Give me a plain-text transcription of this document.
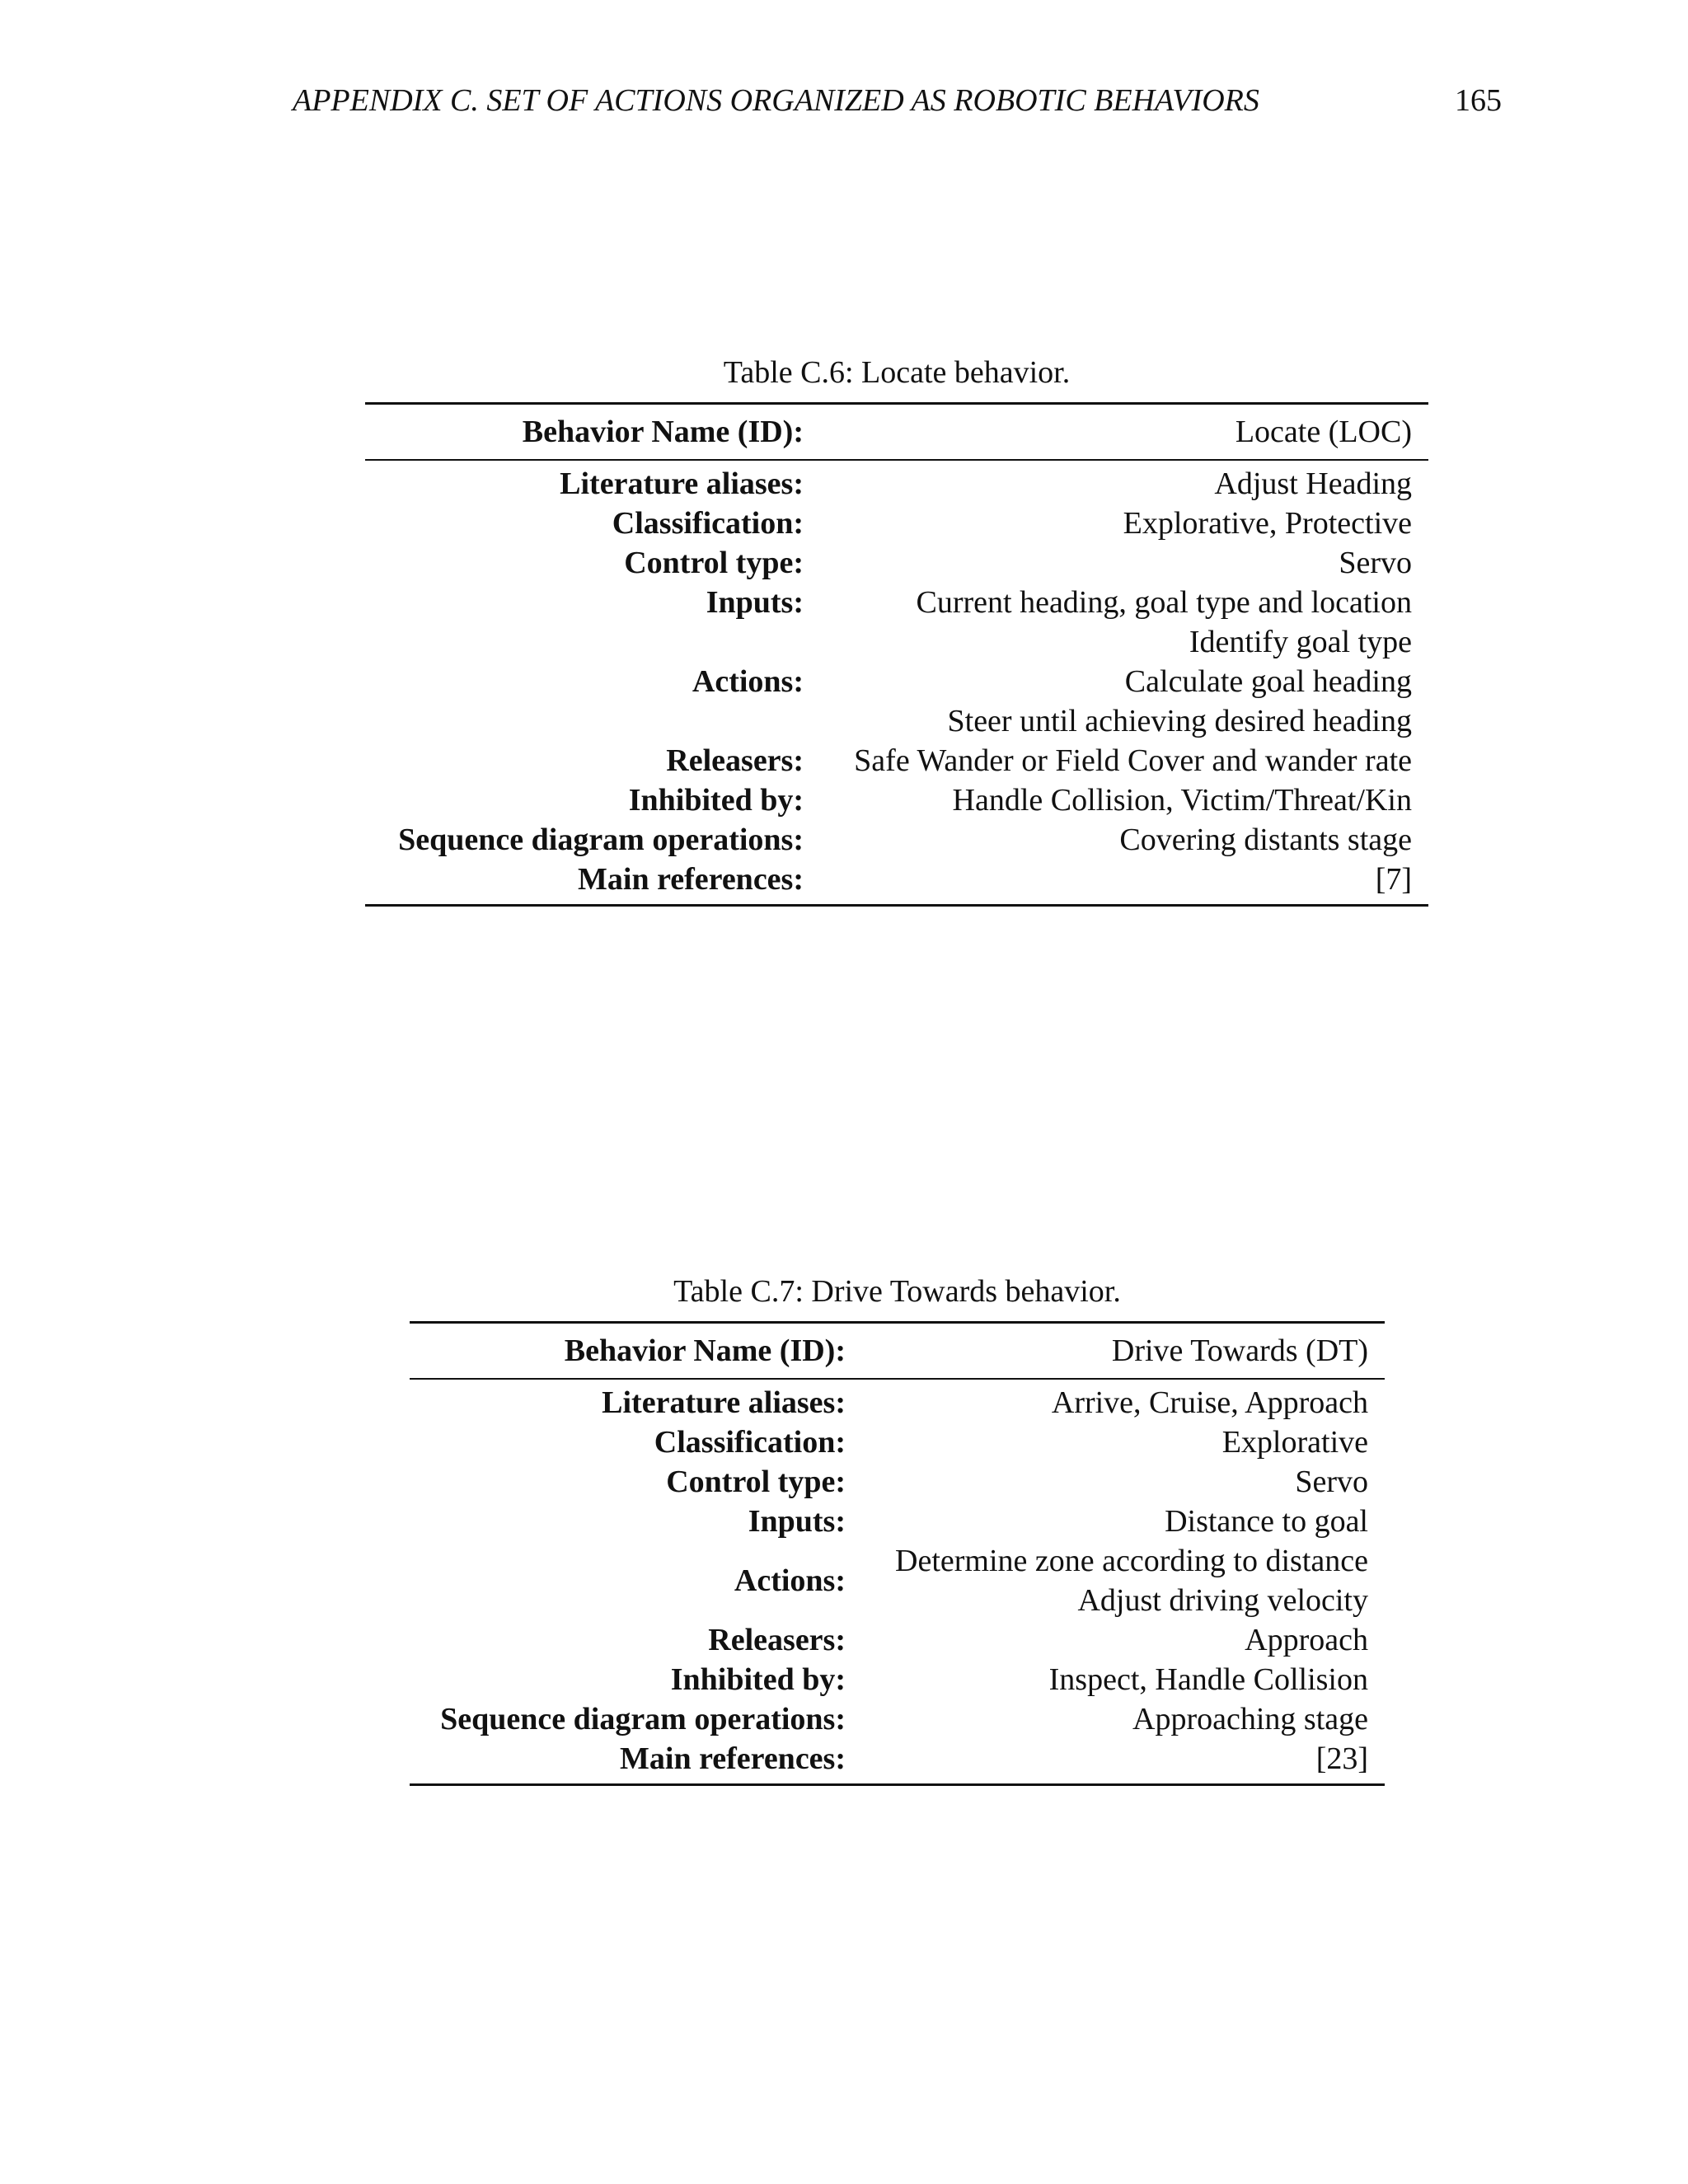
APPENDIX C. SET OF ACTIONS ORGANIZED AS ROBOTIC BEHAVIORS	165
Table C.6: Locate behavior.
Behavior Name (ID):	Locate (LOC)
Literature aliases:	Adjust Heading
Classification:	Explorative, Protective
Control type:	Servo
Inputs:	Current heading, goal type and location
Identify goal type
Actions:	Calculate goal heading
Steer until achieving desired heading
Releasers:	Safe Wander or Field Cover and wander rate
Inhibited by:	Handle Collision, Victim/Threat/Kin
Sequence diagram operations:	Covering distants stage
Main references:	[7]
Table C.7: Drive Towards behavior.
Behavior Name (ID):	Drive Towards (DT)
Literature aliases:	Arrive, Cruise, Approach
Classification:	Explorative
Control type:	Servo
Inputs:	Distance to goal
Actions:
Determine zone according to distance
Adjust driving velocity
Releasers:	Approach
Inhibited by:	Inspect, Handle Collision
Sequence diagram operations:	Approaching stage
Main references:	[23]
